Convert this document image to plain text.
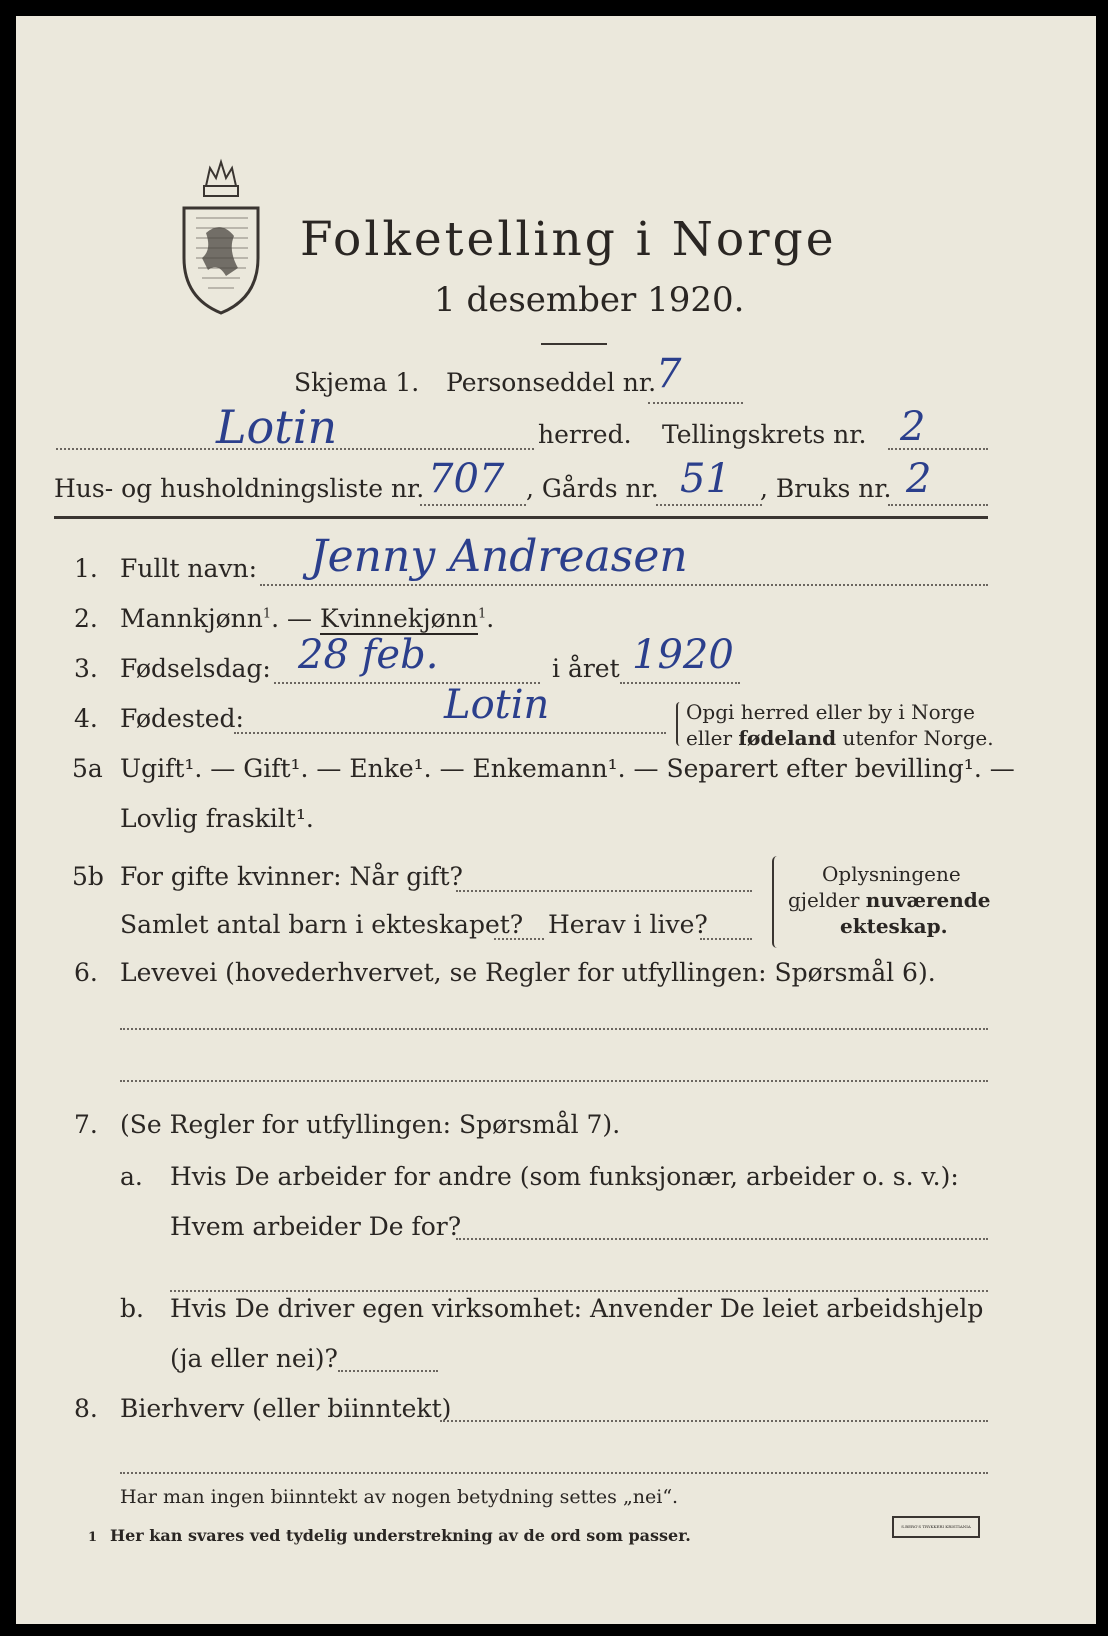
Folketelling i Norge
1 desember 1920.
Skjema 1. Personseddel nr. 7
Lotin	herred. Tellingskrets nr. 2
Hus- og husholdningsliste nr. 707 , Gårds nr. 51 , Bruks nr. 2
1. Fullt navn: Jenny Andreasen
2. Mannkjønn$^1$. — Kvinnekjønn$^1$.
3. Fødselsdag: 28 feb.	i året 1920
4. Fødested:	Lotin	Opgi herred eller by i Norge
eller fødeland utenfor Norge.
5a Ugift¹. — Gift¹. — Enke¹. — Enkemann¹. — Separert efter bevilling¹. —
Lovlig fraskilt¹.
5b For gifte kvinner: Når gift?
Samlet antal barn i ekteskapet? Herav i live?
Oplysningene
gjelder nuværende
ekteskap.
6. Levevei (hovederhvervet, se Regler for utfyllingen: Spørsmål 6).
7. (Se Regler for utfyllingen: Spørsmål 7).
a. Hvis De arbeider for andre (som funksjonær, arbeider o. s. v.):
Hvem arbeider De for?
b. Hvis De driver egen virksomhet: Anvender De leiet arbeidshjelp
(ja eller nei)?
8. Bierhverv (eller biinntekt)
Har man ingen biinntekt av nogen betydning settes „nei“.
1 Her kan svares ved tydelig understrekning av de ord som passer.	S.BERG'S TRYKKERI KRISTIANIA
